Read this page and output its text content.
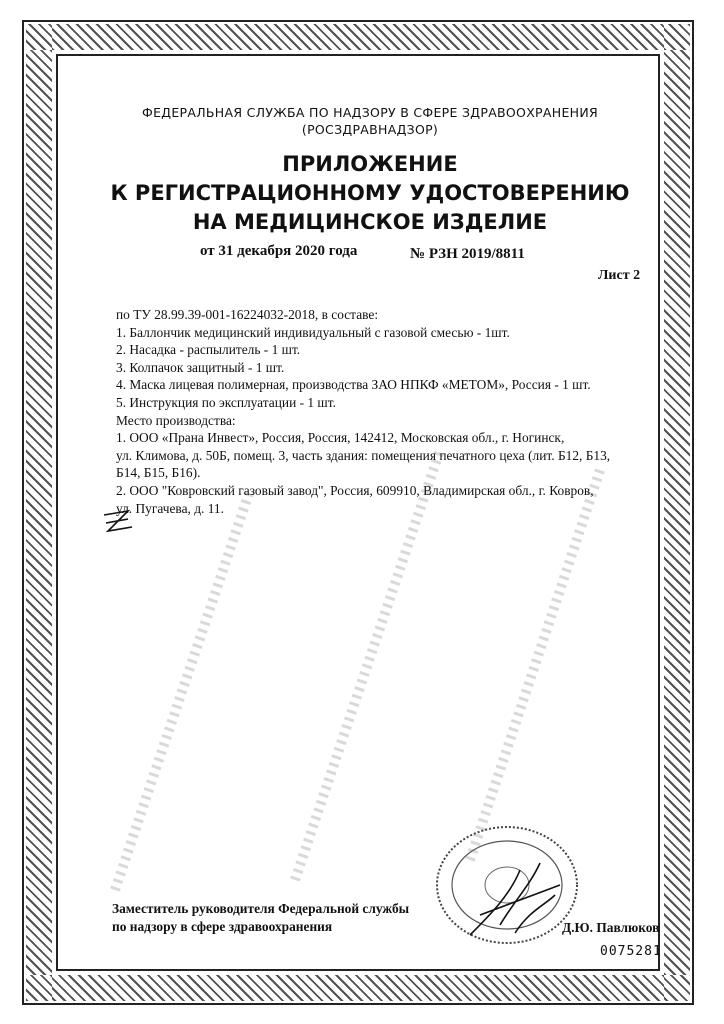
ФЕДЕРАЛЬНАЯ СЛУЖБА ПО НАДЗОРУ В СФЕРЕ ЗДРАВООХРАНЕНИЯ
(РОСЗДРАВНАДЗОР)
ПРИЛОЖЕНИЕ
К РЕГИСТРАЦИОННОМУ УДОСТОВЕРЕНИЮ
НА МЕДИЦИНСКОЕ ИЗДЕЛИЕ
от 31 декабря 2020 года	№ РЗН 2019/8811
Лист 2
по ТУ 28.99.39-001-16224032-2018, в составе:
1. Баллончик медицинский индивидуальный с газовой смесью - 1шт.
2. Насадка - распылитель - 1 шт.
3. Колпачок защитный - 1 шт.
4. Маска лицевая полимерная, производства ЗАО НПКФ «МЕТОМ», Россия - 1 шт.
5. Инструкция по эксплуатации - 1 шт.
Место производства:
1. ООО «Прана Инвест», Россия, Россия, 142412, Московская обл., г. Ногинск,
ул. Климова, д. 50Б, помещ. 3, часть здания: помещения печатного цеха (лит. Б12, Б13,
Б14, Б15, Б16).
2. ООО "Ковровский газовый завод", Россия, 609910, Владимирская обл., г. Ковров,
ул. Пугачева, д. 11.
Заместитель руководителя Федеральной службы
по надзору в сфере здравоохранения	Д.Ю. Павлюков
0075281
